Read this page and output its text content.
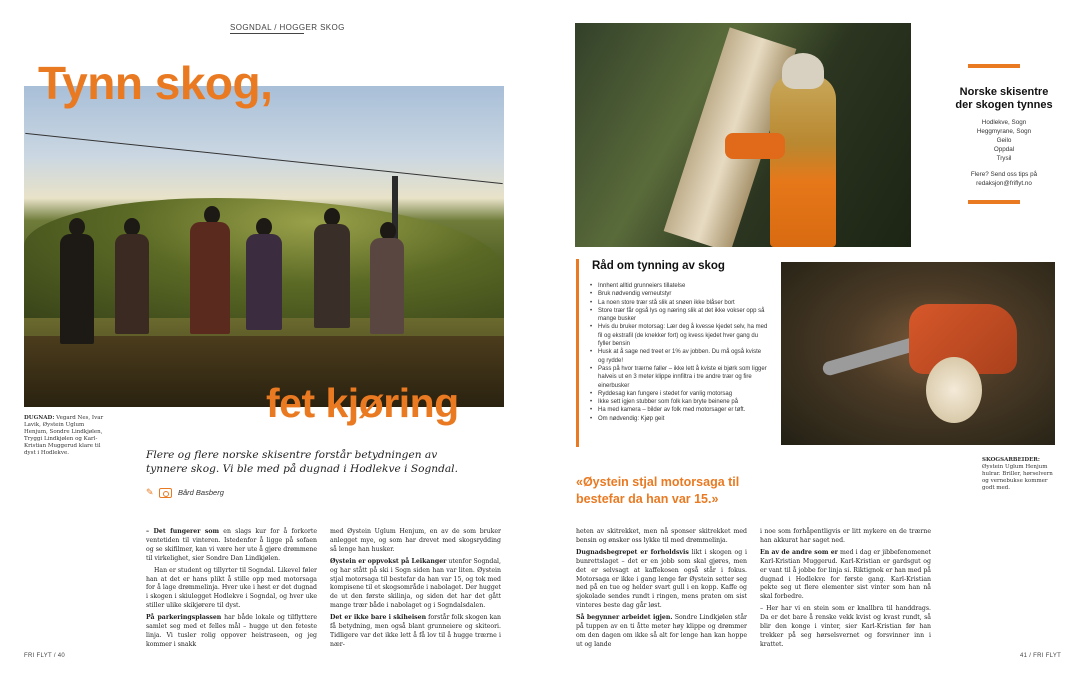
SOGNDAL / HOGGER SKOG
Tynn skog,
fet kjøring
DUGNAD: Vegard Nes, Ivar Lavik, Øystein Uglum Henjum, Sondre Lindkjølen, Tryggi Lindkjølen og Karl-Kristian Muggerud klare til dyst i Hodlekve.	Flere og flere norske skisentre forstår betydningen av tynnere skog. Vi ble med på dugnad i Hodlekve i Sogndal.
✎	Bård Basberg

– Det fungerer som en slags kur for å forkorte ventetiden til vinteren. Istedenfor å ligge på sofaen og se skifilmer, kan vi være her ute å gjøre drømmene til virkelighet, sier Sondre Dan Lindkjølen.

Han er student og tillyrter til Sogndal. Likevel føler han at det er hans plikt å stille opp med motorsaga for å lage drømmelinja. Hver uke i høst er det dugnad i skogen i skiulegget Hodlekve i Sogndal, og hver uke stiller ulike skikjørere til dyst.

På parkeringsplassen har både lokale og tilflyttere samlet seg med et felles mål – hugge ut den feteste linja. Vi tusler rolig oppover heistraseen, og jeg kommer i snakk

med Øystein Uglum Henjum, en av de som bruker anlegget mye, og som har drevet med skogsrydding så lenge han husker.

Øystein er oppvokst på Leikanger utenfor Sogndal, og har stått på ski i Sogn siden han var liten. Øystein stjal motorsaga til bestefar da han var 15, og tok med kompisene til et skogsområde i nabolaget. Der hugget de ut den første skilinja, og siden det har det gått mange trær både i nabolaget og i Sogndalsdalen.

Det er ikke bare i skiheisen forstår folk skogen kan få betydning, men også blant grunneiere og skiteori. Tidligere var det ikke lett å få lov til å hugge trærne i nær-

heten av skitrekket, men nå sponser skitrekket med bensin og ønsker oss lykke til med drømmelinja.

Dugnadsbegrepet er forholdsvis likt i skogen og i bunrettslaget – det er en jobb som skal gjøres, men det er selvsagt at kaffekosen også står i fokus. Motorsaga er ikke i gang lenge før Øystein setter seg ned på en tue og helder svart gull i en kopp. Kaffe og sjokolade sendes rundt i ringen, mens praten om sist vinteres beste dag går løst.

Så begynner arbeidet igjen. Sondre Lindkjølen står på tuppen av en ti åtte meter høy klippe og drømmer om den dagen om ikke så alt for lenge han kan hoppe ut og lande

i noe som forhåpentligvis er litt mykere en de trærne han akkurat har saget ned.

En av de andre som er med i dag er jibbefenomenet Karl-Kristian Muggerud. Karl-Kristian er gardsgut og er vant til å jobbe for linja si. Riktignok er han med på dugnad i Hodlekve for første gang. Karl-Kristian pekte seg ut flere elementer sist vinter som han nå skal forbedre.

– Her har vi en stein som er knallbra til handdrags. Da er det bare å renske vekk kvist og kvast rundt, så blir den konge i vinter, sier Karl-Kristian før han trekker på seg hørselsvernet og forsvinner inn i krattet.

FRI FLYT / 40	41 / FRI FLYT
Norske skisentre der skogen tynnes
Hodlekve, Sogn
Heggmyrane, Sogn
Geilo
Oppdal
Trysil
Flere? Send oss tips på
redaksjon@friflyt.no
Råd om tynning av skog
• Innhent alltid grunneiers tillatelse
• Bruk nødvendig verneutstyr
• La noen store trær stå slik at snøen ikke blåser bort
• Store trær får også lys og næring slik at det ikke vokser opp så mange busker
• Hvis du bruker motorsag: Lær deg å kvesse kjedet selv, ha med fil og ekstrafil (de knekker fort) og kvess kjedet hver gang du fyller bensin
• Husk at å sage ned treet er 1% av jobben. Du må også kviste og rydde!
• Pass på hvor trærne faller – ikke lett å kviste ei bjørk som ligger halveis ut en 3 meter klippe innfiltra i tre andre trær og fire einerbusker
• Ryddesag kan fungere i stedet for vanlig motorsag
• Ikke sett igjen stubber som folk kan bryte beinene på
• Ha med kamera – bilder av folk med motorsager er tøft.
• Om nødvendig: Kjøp geit
«Øystein stjal motorsaga til bestefar da han var 15.»
SKOGSARBEIDER: Øystein Uglum Henjum hulrar. Briller, hørselvern og vernebukse kommer godt med.
